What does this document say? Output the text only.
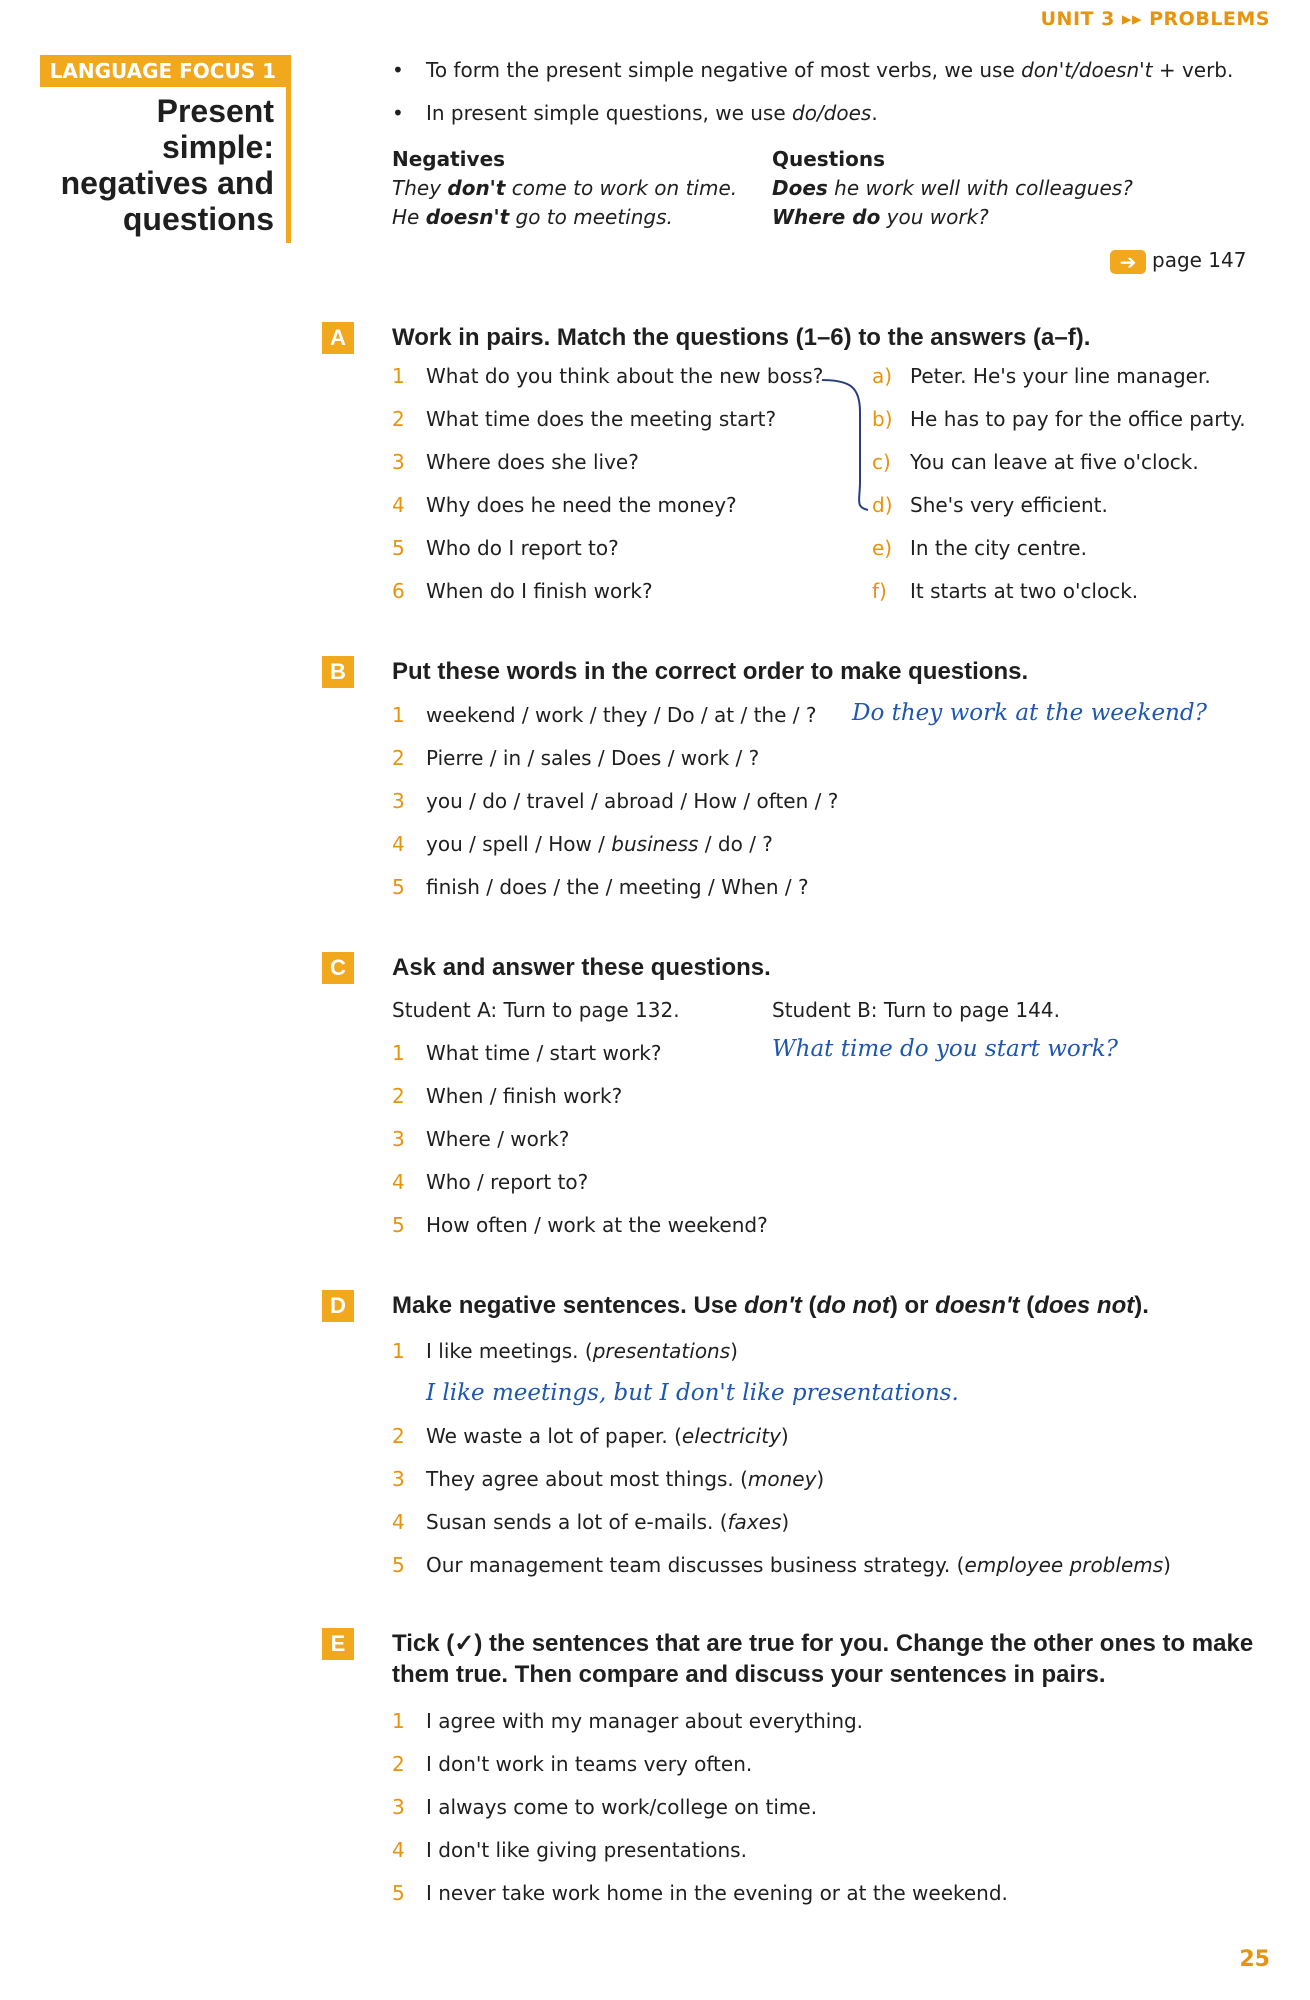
UNIT 3 ▸▸ PROBLEMS
LANGUAGE FOCUS 1
Present simple:
negatives and
questions
• To form the present simple negative of most verbs, we use don't/doesn't + verb.
• In present simple questions, we use do/does.
Negatives
They don't come to work on time.
He doesn't go to meetings.
Questions
Does he work well with colleagues?
Where do you work?
➔ page 147
A	Work in pairs. Match the questions (1–6) to the answers (a–f).
1 What do you think about the new boss?
2 What time does the meeting start?
3 Where does she live?
4 Why does he need the money?
5 Who do I report to?
6 When do I finish work?
a) Peter. He's your line manager.
b) He has to pay for the office party.
c) You can leave at five o'clock.
d) She's very efficient.
e) In the city centre.
f) It starts at two o'clock.
B	Put these words in the correct order to make questions.
1 weekend / work / they / Do / at / the / ?
2 Pierre / in / sales / Does / work / ?
3 you / do / travel / abroad / How / often / ?
4 you / spell / How / business / do / ?
5 finish / does / the / meeting / When / ?
Do they work at the weekend?
C	Ask and answer these questions.
Student A: Turn to page 132.	Student B: Turn to page 144.
1 What time / start work?
2 When / finish work?
3 Where / work?
4 Who / report to?
5 How often / work at the weekend?
What time do you start work?
D	Make negative sentences. Use don't (do not) or doesn't (does not).
1 I like meetings. (presentations)
I like meetings, but I don't like presentations.
2 We waste a lot of paper. (electricity)
3 They agree about most things. (money)
4 Susan sends a lot of e-mails. (faxes)
5 Our management team discusses business strategy. (employee problems)
E	Tick (✓) the sentences that are true for you. Change the other ones to make
them true. Then compare and discuss your sentences in pairs.
1 I agree with my manager about everything.
2 I don't work in teams very often.
3 I always come to work/college on time.
4 I don't like giving presentations.
5 I never take work home in the evening or at the weekend.
25
